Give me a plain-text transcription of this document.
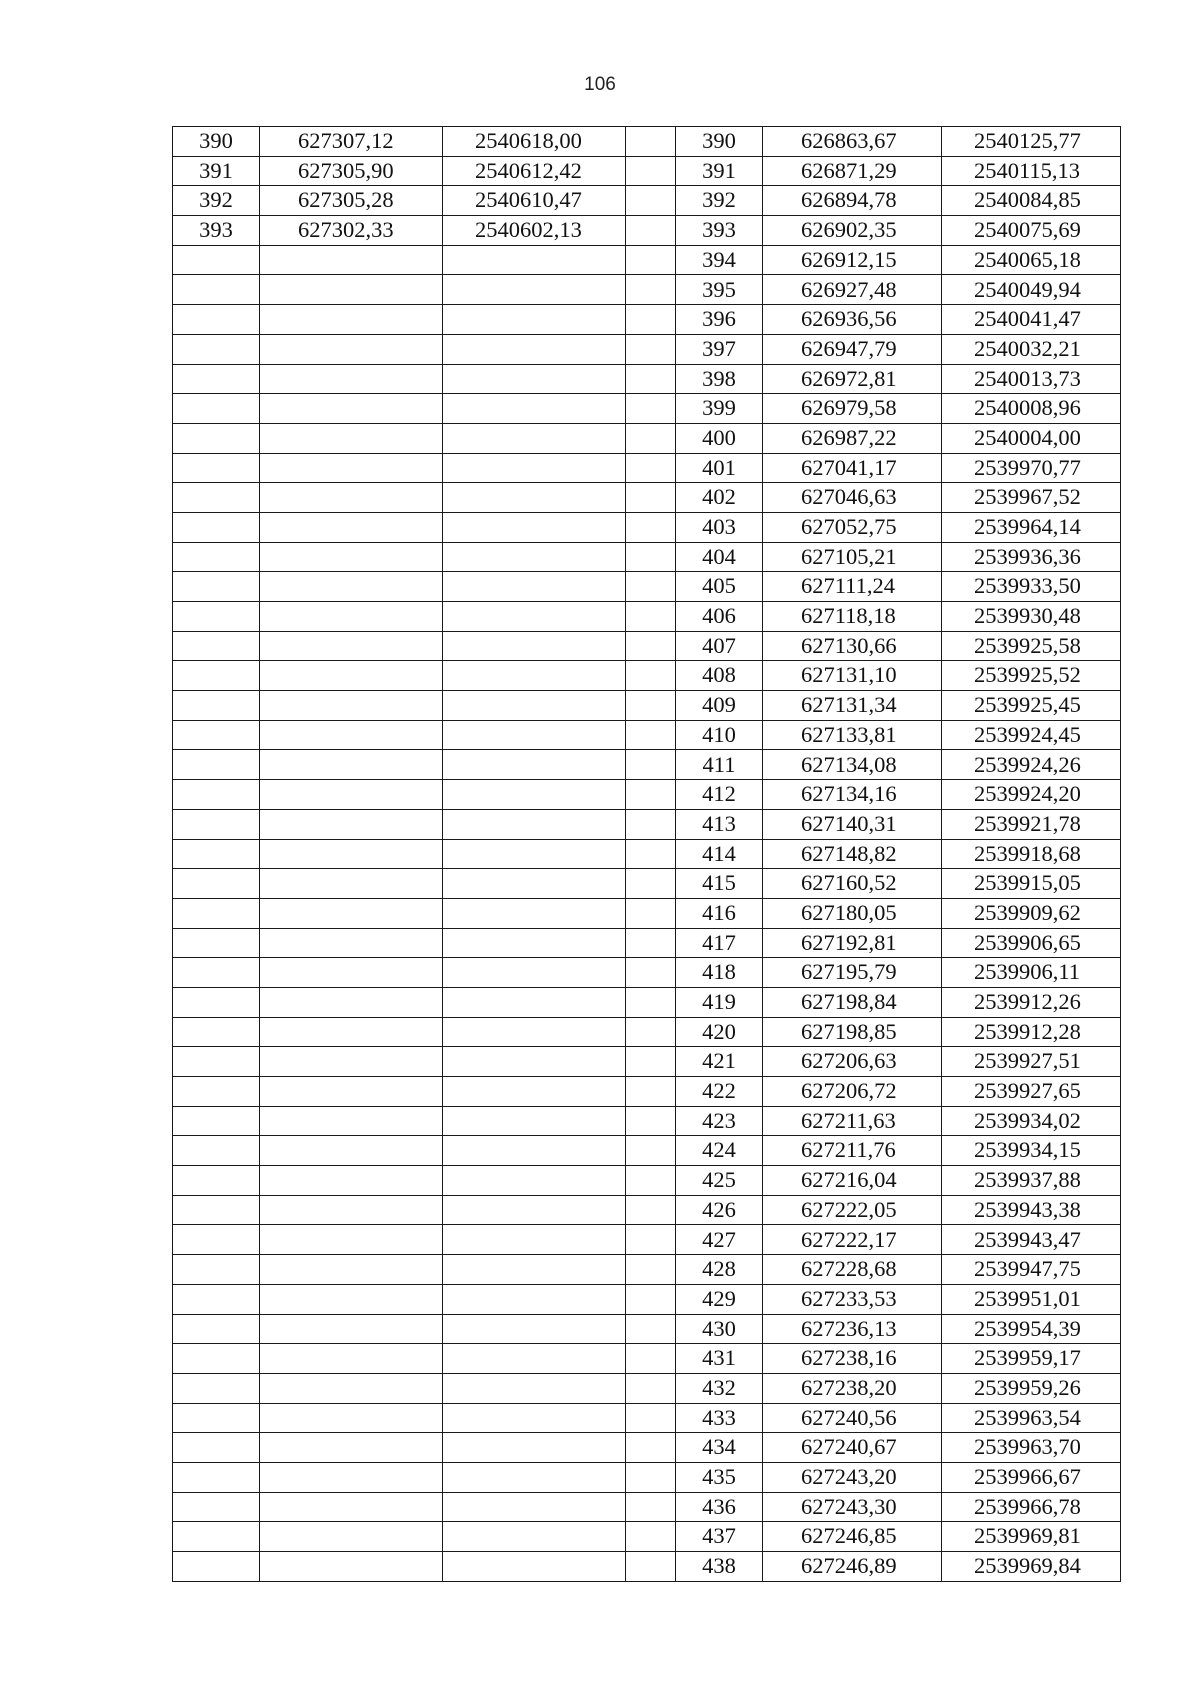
106
390	627307,12	2540618,00		390	626863,67	2540125,77
391	627305,90	2540612,42		391	626871,29	2540115,13
392	627305,28	2540610,47		392	626894,78	2540084,85
393	627302,33	2540602,13		393	626902,35	2540075,69
				394	626912,15	2540065,18
				395	626927,48	2540049,94
				396	626936,56	2540041,47
				397	626947,79	2540032,21
				398	626972,81	2540013,73
				399	626979,58	2540008,96
				400	626987,22	2540004,00
				401	627041,17	2539970,77
				402	627046,63	2539967,52
				403	627052,75	2539964,14
				404	627105,21	2539936,36
				405	627111,24	2539933,50
				406	627118,18	2539930,48
				407	627130,66	2539925,58
				408	627131,10	2539925,52
				409	627131,34	2539925,45
				410	627133,81	2539924,45
				411	627134,08	2539924,26
				412	627134,16	2539924,20
				413	627140,31	2539921,78
				414	627148,82	2539918,68
				415	627160,52	2539915,05
				416	627180,05	2539909,62
				417	627192,81	2539906,65
				418	627195,79	2539906,11
				419	627198,84	2539912,26
				420	627198,85	2539912,28
				421	627206,63	2539927,51
				422	627206,72	2539927,65
				423	627211,63	2539934,02
				424	627211,76	2539934,15
				425	627216,04	2539937,88
				426	627222,05	2539943,38
				427	627222,17	2539943,47
				428	627228,68	2539947,75
				429	627233,53	2539951,01
				430	627236,13	2539954,39
				431	627238,16	2539959,17
				432	627238,20	2539959,26
				433	627240,56	2539963,54
				434	627240,67	2539963,70
				435	627243,20	2539966,67
				436	627243,30	2539966,78
				437	627246,85	2539969,81
				438	627246,89	2539969,84
